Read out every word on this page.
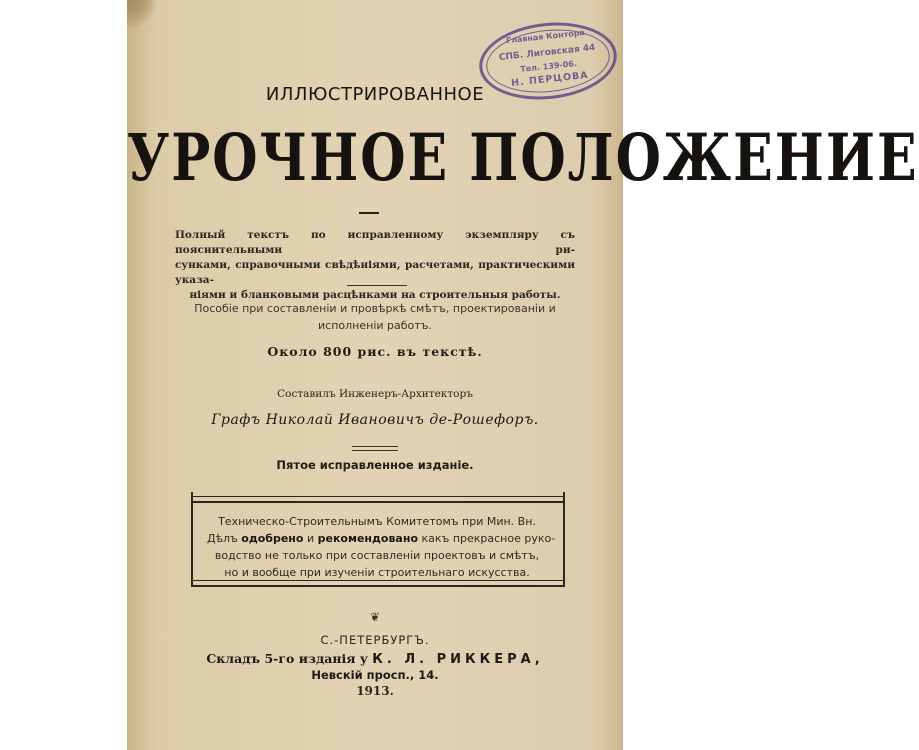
Главная Контора
СПБ. Лиговская 44
Тел. 139-06.
Н. ПЕРЦОВА
ИЛЛЮСТРИРОВАННОЕ
УРОЧНОЕ ПОЛОЖЕНИЕ
Полный текстъ по исправленному экземпляру съ пояснительными ри-
сунками, справочными свѣдѣніями, расчетами, практическими указа-
ніями и бланковыми расцѣнками на строительныя работы.
Пособіе при составленіи и провѣркѣ смѣтъ, проектированіи и
исполненіи работъ.
Около 800 рис. въ текстѣ.
Составилъ Инженеръ-Архитекторъ
Графъ Николай Ивановичъ де-Рошефоръ.
Пятое исправленное изданіе.
Техническо-Строительнымъ Комитетомъ при Мин. Вн.
Дѣлъ одобрено и рекомендовано какъ прекрасное руко-
водство не только при составленіи проектовъ и смѣтъ,
но и вообще при изученіи строительнаго искусства.
❦
С.-ПЕТЕРБУРГЪ.
Складъ 5-го изданія у К. Л. РИККЕРА,
Невскій просп., 14.
1913.
